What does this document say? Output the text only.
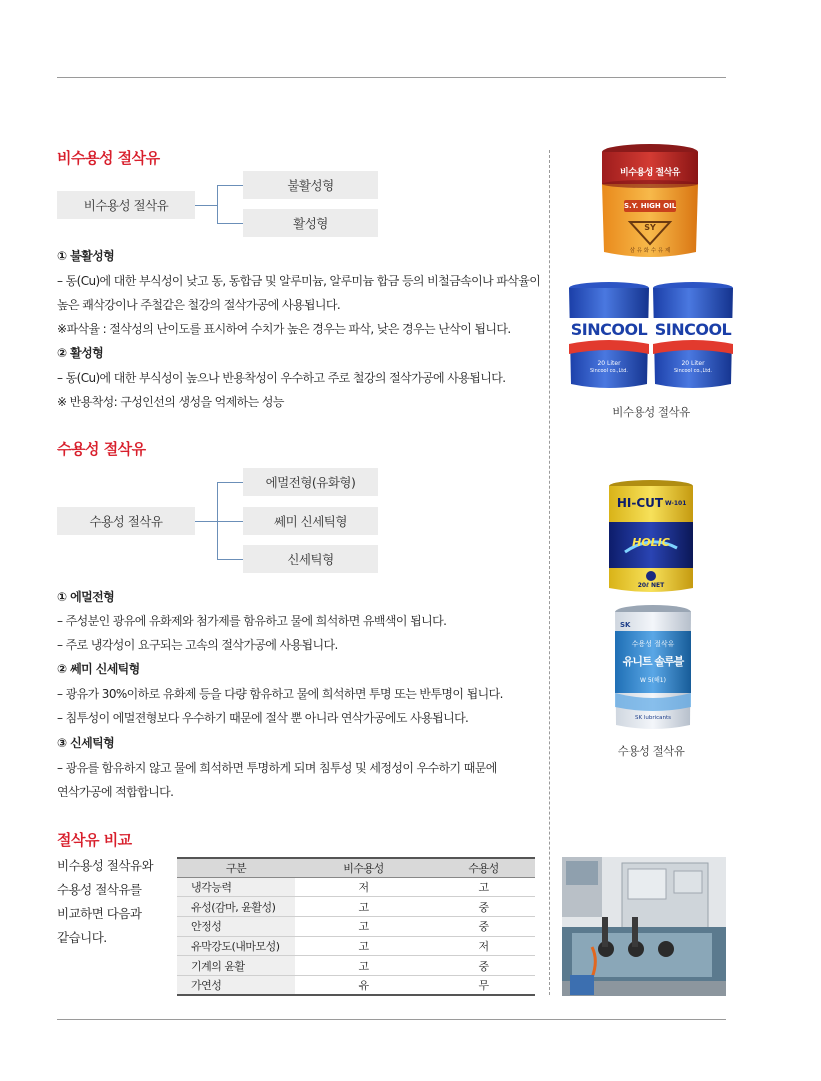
비수용성 절삭유
비수용성 절삭유
불활성형
활성형
① 불활성형
– 동(Cu)에 대한 부식성이 낮고 동, 동합금 및 알루미늄, 알루미늄 합금 등의 비철금속이나 파삭율이
높은 쾌삭강이나 주철같은 철강의 절삭가공에 사용됩니다.
※파삭율 : 절삭성의 난이도를 표시하여 수치가 높은 경우는 파삭, 낮은 경우는 난삭이 됩니다.
② 활성형
– 동(Cu)에 대한 부식성이 높으나 반용착성이 우수하고 주로 철강의 절삭가공에 사용됩니다.
※ 반용착성: 구성인선의 생성을 억제하는 성능
수용성 절삭유
수용성 절삭유
에멀전형(유화형)
쎄미 신세틱형
신세틱형
① 에멀전형
– 주성분인 광유에 유화제와 첨가제를 함유하고 물에 희석하면 유백색이 됩니다.
– 주로 냉각성이 요구되는 고속의 절삭가공에 사용됩니다.
② 쎄미 신세틱형
– 광유가 30%이하로 유화제 등을 다량 함유하고 물에 희석하면 투명 또는 반투명이 됩니다.
– 침투성이 에멀젼형보다 우수하기 때문에 절삭 뿐 아니라 연삭가공에도 사용됩니다.
③ 신세틱형
– 광유를 함유하지 않고 물에 희석하면 투명하게 되며 침투성 및 세정성이 우수하기 때문에
연삭가공에 적합합니다.
절삭유 비교
비수용성 절삭유와
수용성 절삭유를
비교하면 다음과
같습니다.
구분	비수용성	수용성
냉각능력	저	고
유성(감마, 윤활성)	고	중
안정성	고	중
유막강도(내마모성)	고	저
기계의 윤활	고	중
가연성	유	무
비수용성 절삭유
S.Y. HIGH OIL
SY
삼 유 화 수 유 제
SINCOOL
20 Liter
Sincool co.,Ltd.
SINCOOL
20 Liter
Sincool co.,Ltd.
비수용성 절삭유
HI-CUT W-101
HOLIC
20ℓ NET
SK
수용성 절삭유
유니트 솔루블
W 5(해1)
SK lubricants
수용성 절삭유
